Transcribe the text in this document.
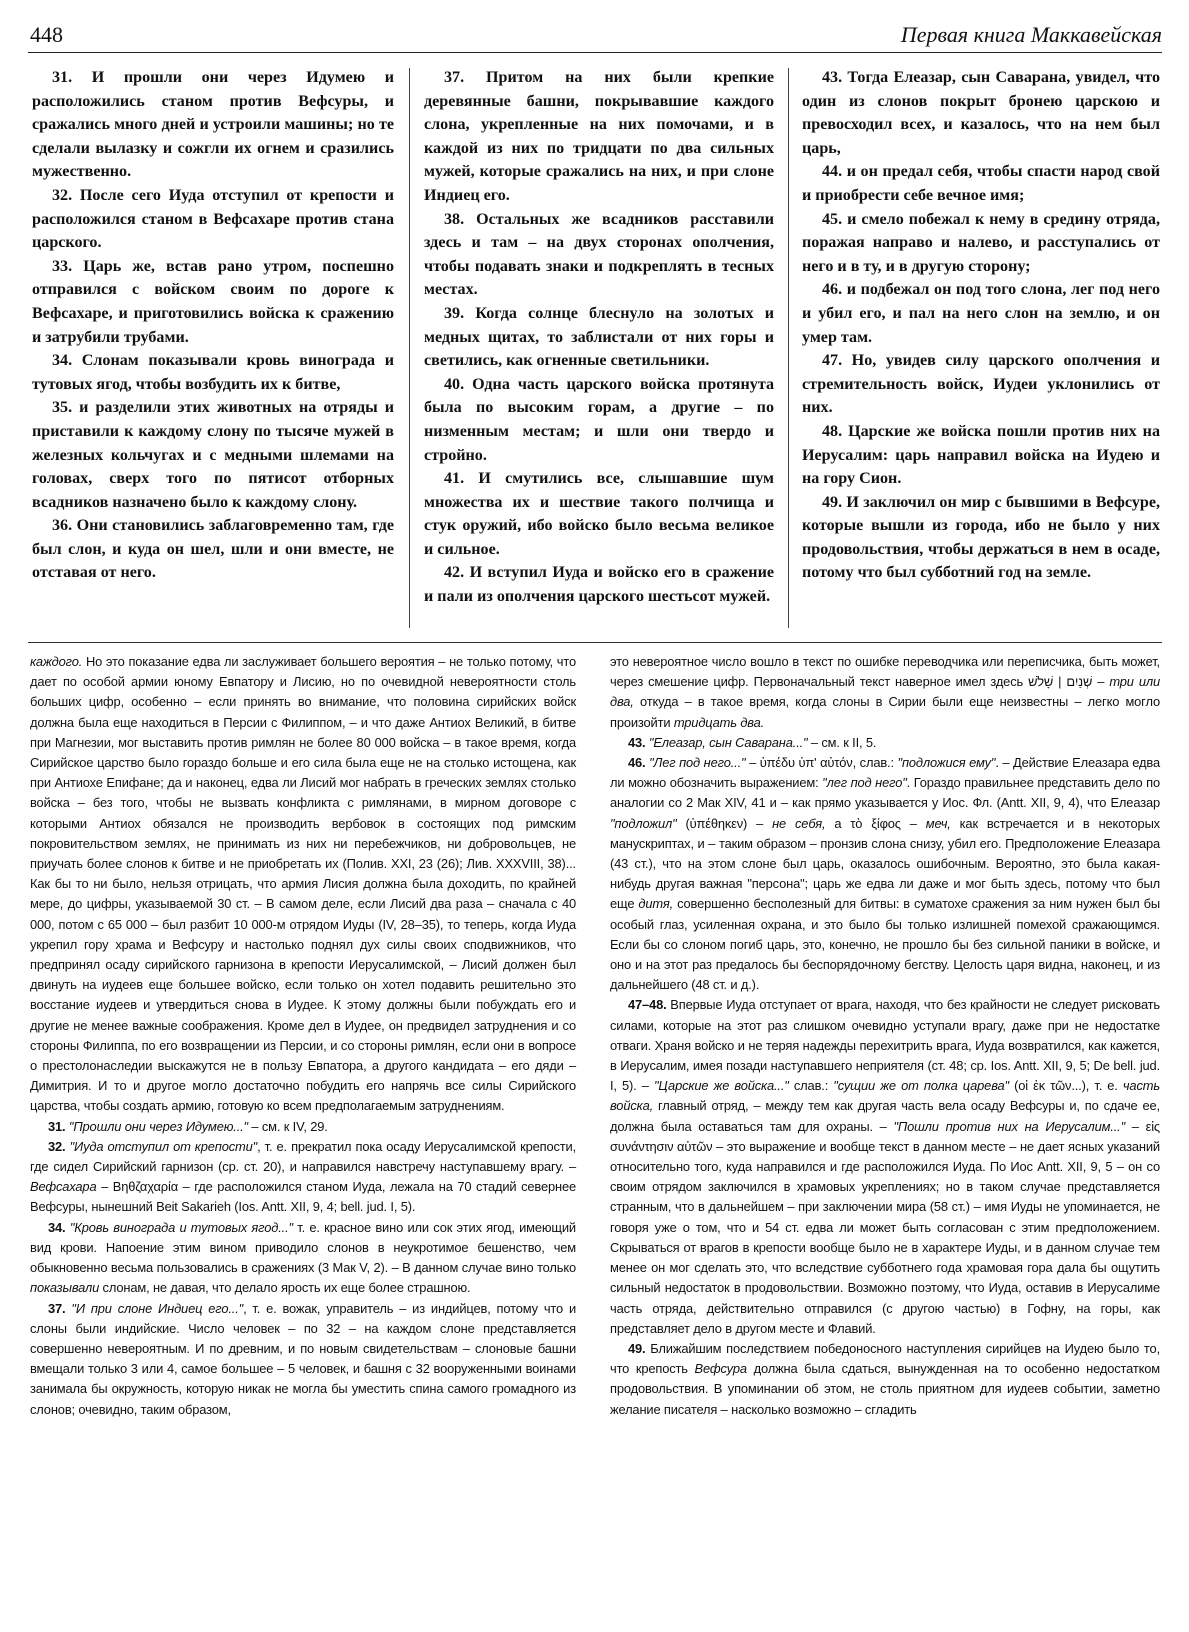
448	Первая книга Маккавейская

31. И прошли они через Идумею и расположились станом против Вефсуры, и сражались много дней и устроили машины; но те сделали вылазку и сожгли их огнем и сразились мужественно.

32. После сего Иуда отступил от крепости и расположился станом в Вефсахаре против стана царского.

33. Царь же, встав рано утром, поспешно отправился с войском своим по дороге к Вефсахаре, и приготовились войска к сражению и затрубили трубами.

34. Слонам показывали кровь винограда и тутовых ягод, чтобы возбудить их к битве,

35. и разделили этих животных на отряды и приставили к каждому слону по тысяче мужей в железных кольчугах и с медными шлемами на головах, сверх того по пятисот отборных всадников назначено было к каждому слону.

36. Они становились заблаговременно там, где был слон, и куда он шел, шли и они вместе, не отставая от него.

37. Притом на них были крепкие деревянные башни, покрывавшие каждого слона, укрепленные на них помочами, и в каждой из них по тридцати по два сильных мужей, которые сражались на них, и при слоне Индиец его.

38. Остальных же всадников расставили здесь и там – на двух сторонах ополчения, чтобы подавать знаки и подкреплять в тесных местах.

39. Когда солнце блеснуло на золотых и медных щитах, то заблистали от них горы и светились, как огненные светильники.

40. Одна часть царского войска протянута была по высоким горам, а другие – по низменным местам; и шли они твердо и стройно.

41. И смутились все, слышавшие шум множества их и шествие такого полчища и стук оружий, ибо войско было весьма великое и сильное.

42. И вступил Иуда и войско его в сражение и пали из ополчения царского шестьсот мужей.

43. Тогда Елеазар, сын Саварана, увидел, что один из слонов покрыт бронею царскою и превосходил всех, и казалось, что на нем был царь,

44. и он предал себя, чтобы спасти народ свой и приобрести себе вечное имя;

45. и смело побежал к нему в средину отряда, поражая направо и налево, и расступались от него и в ту, и в другую сторону;

46. и подбежал он под того слона, лег под него и убил его, и пал на него слон на землю, и он умер там.

47. Но, увидев силу царского ополчения и стремительность войск, Иудеи уклонились от них.

48. Царские же войска пошли против них на Иерусалим: царь направил войска на Иудею и на гору Сион.

49. И заключил он мир с бывшими в Вефсуре, которые вышли из города, ибо не было у них продовольствия, чтобы держаться в нем в осаде, потому что был субботний год на земле.

каждого. Но это показание едва ли заслуживает большего вероятия – не только потому, что дает по особой армии юному Евпатору и Лисию, но по очевидной невероятности столь больших цифр, особенно – если принять во внимание, что половина сирийских войск должна была еще находиться в Персии с Филиппом, – и что даже Антиох Великий, в битве при Магнезии, мог выставить против римлян не более 80 000 войска – в такое время, когда Сирийское царство было гораздо больше и его сила была еще не на столько истощена, как при Антиохе Епифане; да и наконец, едва ли Лисий мог набрать в греческих землях столько войска – без того, чтобы не вызвать конфликта с римлянами, в мирном договоре с которыми Антиох обязался не производить вербовок в состоящих под римским покровительством землях, не принимать из них ни перебежчиков, ни добровольцев, не приучать более слонов к битве и не приобретать их (Полив. XXI, 23 (26); Лив. XXXVIII, 38)... Как бы то ни было, нельзя отрицать, что армия Лисия должна была доходить, по крайней мере, до цифры, указываемой 30 ст. – В самом деле, если Лисий два раза – сначала с 40 000, потом с 65 000 – был разбит 10 000-м отрядом Иуды (IV, 28–35), то теперь, когда Иуда укрепил гору храма и Вефсуру и настолько поднял дух силы своих сподвижников, что предпринял осаду сирийского гарнизона в крепости Иерусалимской, – Лисий должен был двинуть на иудеев еще большее войско, если только он хотел подавить решительно это восстание иудеев и утвердиться снова в Иудее. К этому должны были побуждать его и другие не менее важные соображения. Кроме дел в Иудее, он предвидел затруднения и со стороны Филиппа, по его возвращении из Персии, и со стороны римлян, если они в вопросе о престолонаследии выскажутся не в пользу Евпатора, а другого кандидата – его дяди – Димитрия. И то и другое могло достаточно побудить его напрячь все силы Сирийского царства, чтобы создать армию, готовую ко всем предполагаемым затруднениям.

31. "Прошли они через Идумею..." – см. к IV, 29.

32. "Иуда отступил от крепости", т. е. прекратил пока осаду Иерусалимской крепости, где сидел Сирийский гарнизон (ср. ст. 20), и направился навстречу наступавшему врагу. – Вефсахара – Βηθζαχαρία – где расположился станом Иуда, лежала на 70 стадий севернее Вефсуры, нынешний Beit Sakarieh (Ios. Antt. XII, 9, 4; bell. jud. I, 5).

34. "Кровь винограда и тутовых ягод..." т. е. красное вино или сок этих ягод, имеющий вид крови. Напоение этим вином приводило слонов в неукротимое бешенство, чем обыкновенно весьма пользовались в сражениях (3 Мак V, 2). – В данном случае вино только показывали слонам, не давая, что делало ярость их еще более страшною.

37. "И при слоне Индиец его...", т. е. вожак, управитель – из индийцев, потому что и слоны были индийские. Число человек – по 32 – на каждом слоне представляется совершенно невероятным. И по древним, и по новым свидетельствам – слоновые башни вмещали только 3 или 4, самое большее – 5 человек, и башня с 32 вооруженными воинами занимала бы окружность, которую никак не могла бы уместить спина самого громадного из слонов; очевидно, таким образом,

это невероятное число вошло в текст по ошибке переводчика или переписчика, быть может, через смешение цифр. Первоначальный текст наверное имел здесь שְׁנַיִם | שָׁלֹשׁ – три или два, откуда – в такое время, когда слоны в Сирии были еще неизвестны – легко могло произойти тридцать два.

43. "Елеазар, сын Саварана..." – см. к II, 5.

46. "Лег под него..." – ὑπέδυ ὑπ' αὐτόν, слав.: "подложися ему". – Действие Елеазара едва ли можно обозначить выражением: "лег под него". Гораздо правильнее представить дело по аналогии со 2 Мак XIV, 41 и – как прямо указывается у Иос. Фл. (Antt. XII, 9, 4), что Елеазар "подложил" (ὑπέθηκεν) – не себя, а τὸ ξίφος – меч, как встречается и в некоторых манускриптах, и – таким образом – пронзив слона снизу, убил его. Предположение Елеазара (43 ст.), что на этом слоне был царь, оказалось ошибочным. Вероятно, это была какая-нибудь другая важная "персона"; царь же едва ли даже и мог быть здесь, потому что был еще дитя, совершенно бесполезный для битвы: в суматохе сражения за ним нужен был бы особый глаз, усиленная охрана, и это было бы только излишней помехой сражающимся. Если бы со слоном погиб царь, это, конечно, не прошло бы без сильной паники в войске, и оно и на этот раз предалось бы беспорядочному бегству. Целость царя видна, наконец, и из дальнейшего (48 ст. и д.).

47–48. Впервые Иуда отступает от врага, находя, что без крайности не следует рисковать силами, которые на этот раз слишком очевидно уступали врагу, даже при не недостатке отваги. Храня войско и не теряя надежды перехитрить врага, Иуда возвратился, как кажется, в Иерусалим, имея позади наступавшего неприятеля (ст. 48; ср. Ios. Antt. XII, 9, 5; De bell. jud. I, 5). – "Царские же войска..." слав.: "сущии же от полка царева" (οἱ ἐκ τῶν...), т. е. часть войска, главный отряд, – между тем как другая часть вела осаду Вефсуры и, по сдаче ее, должна была оставаться там для охраны. – "Пошли против них на Иерусалим..." – εἰς συνάντησιν αὐτῶν – это выражение и вообще текст в данном месте – не дает ясных указаний относительно того, куда направился и где расположился Иуда. По Иос Antt. XII, 9, 5 – он со своим отрядом заключился в храмовых укреплениях; но в таком случае представляется странным, что в дальнейшем – при заключении мира (58 ст.) – имя Иуды не упоминается, не говоря уже о том, что и 54 ст. едва ли может быть согласован с этим предположением. Скрываться от врагов в крепости вообще было не в характере Иуды, и в данном случае тем менее он мог сделать это, что вследствие субботнего года храмовая гора дала бы ощутить сильный недостаток в продовольствии. Возможно поэтому, что Иуда, оставив в Иерусалиме часть отряда, действительно отправился (с другою частью) в Гофну, на горы, как представляет дело в другом месте и Флавий.

49. Ближайшим последствием победоносного наступления сирийцев на Иудею было то, что крепость Вефсура должна была сдаться, вынужденная на то особенно недостатком продовольствия. В упоминании об этом, не столь приятном для иудеев событии, заметно желание писателя – насколько возможно – сгладить
